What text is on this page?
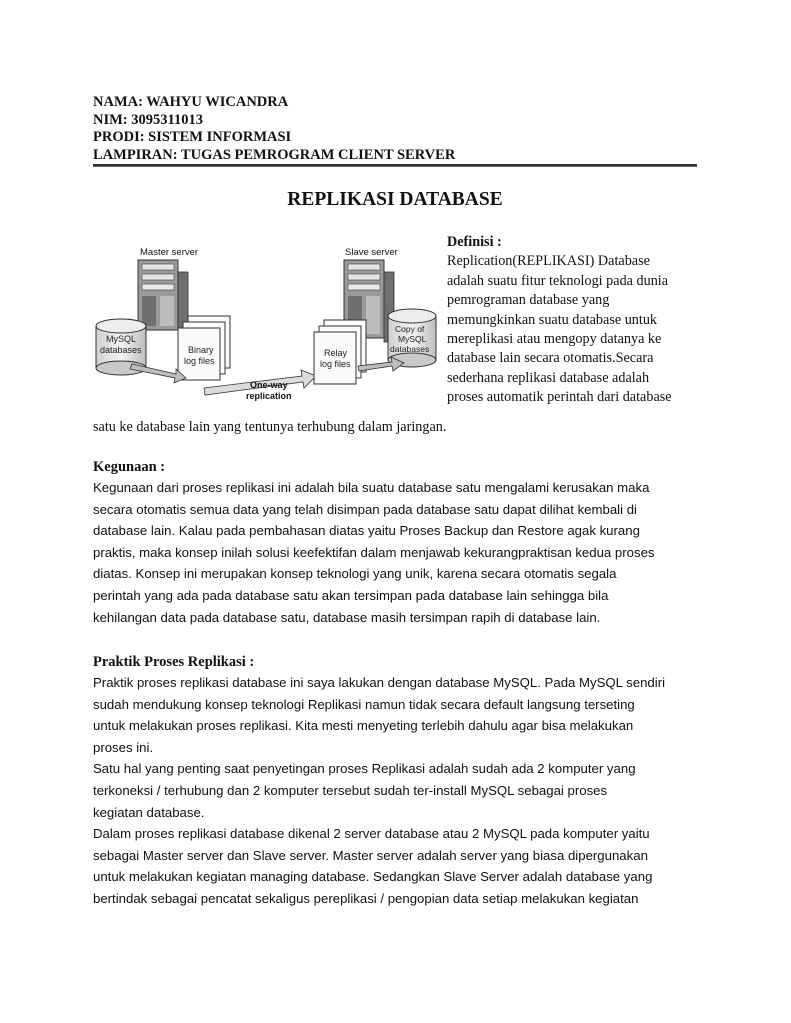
NAMA: WAHYU WICANDRA
NIM: 3095311013
PRODI: SISTEM INFORMASI
LAMPIRAN: TUGAS PEMROGRAM CLIENT SERVER
REPLIKASI DATABASE
Master server
MySQL
databases	Binary
log files
One-way
replication
Slave server
Relay
log files
Copy of
MySQL
databases
Definisi :
Replication(REPLIKASI) Database
adalah suatu fitur teknologi pada dunia
pemrograman database yang
memungkinkan suatu database untuk
mereplikasi atau mengopy datanya ke
database lain secara otomatis.Secara
sederhana replikasi database adalah
proses automatik perintah dari database
satu ke database lain yang tentunya terhubung dalam jaringan.
Kegunaan :
Kegunaan dari proses replikasi ini adalah bila suatu database satu mengalami kerusakan maka
secara otomatis semua data yang telah disimpan pada database satu dapat dilihat kembali di
database lain. Kalau pada pembahasan diatas yaitu Proses Backup dan Restore agak kurang
praktis, maka konsep inilah solusi keefektifan dalam menjawab kekurangpraktisan kedua proses
diatas. Konsep ini merupakan konsep teknologi yang unik, karena secara otomatis segala
perintah yang ada pada database satu akan tersimpan pada database lain sehingga bila
kehilangan data pada database satu, database masih tersimpan rapih di database lain.
Praktik Proses Replikasi :
Praktik proses replikasi database ini saya lakukan dengan database MySQL. Pada MySQL sendiri
sudah mendukung konsep teknologi Replikasi namun tidak secara default langsung terseting
untuk melakukan proses replikasi. Kita mesti menyeting terlebih dahulu agar bisa melakukan
proses ini.
Satu hal yang penting saat penyetingan proses Replikasi adalah sudah ada 2 komputer yang
terkoneksi / terhubung dan 2 komputer tersebut sudah ter-install MySQL sebagai proses
kegiatan database.
Dalam proses replikasi database dikenal 2 server database atau 2 MySQL pada komputer yaitu
sebagai Master server dan Slave server. Master server adalah server yang biasa dipergunakan
untuk melakukan kegiatan managing database. Sedangkan Slave Server adalah database yang
bertindak sebagai pencatat sekaligus pereplikasi / pengopian data setiap melakukan kegiatan
